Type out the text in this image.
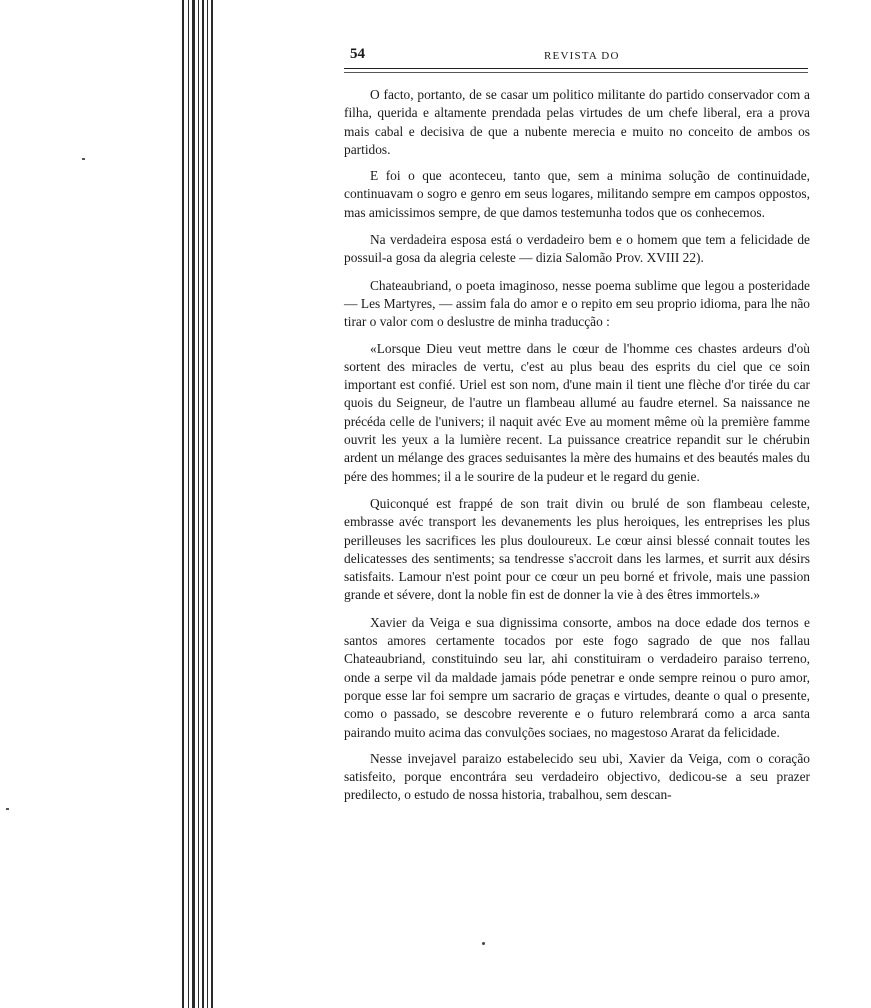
54	REVISTA DO

O facto, portanto, de se casar um politico militante do partido conservador com a filha, querida e altamente prendada pelas virtudes de um chefe liberal, era a prova mais cabal e decisiva de que a nubente merecia e muito no conceito de ambos os partidos.

E foi o que aconteceu, tanto que, sem a minima solução de continuidade, continuavam o sogro e genro em seus logares, militando sempre em campos oppostos, mas amicissimos sempre, de que damos testemunha todos que os conhecemos.

Na verdadeira esposa está o verdadeiro bem e o homem que tem a felicidade de possuil-a gosa da alegria celeste — dizia Salomão Prov. XVIII 22).

Chateaubriand, o poeta imaginoso, nesse poema sublime que legou a posteridade — Les Martyres, — assim fala do amor e o repito em seu proprio idioma, para lhe não tirar o valor com o deslustre de minha traducção :

«Lorsque Dieu veut mettre dans le cœur de l'homme ces chastes ardeurs d'où sortent des miracles de vertu, c'est au plus beau des esprits du ciel que ce soin important est confié. Uriel est son nom, d'une main il tient une flèche d'or tirée du car quois du Seigneur, de l'autre un flambeau allumé au faudre eternel. Sa naissance ne précéda celle de l'univers; il naquit avéc Eve au moment même où la première famme ouvrit les yeux a la lumière recent. La puissance creatrice repandit sur le chérubin ardent un mélange des graces seduisantes la mère des humains et des beautés males du pére des hommes; il a le sourire de la pudeur et le regard du genie.

Quiconqué est frappé de son trait divin ou brulé de son flambeau celeste, embrasse avéc transport les devanements les plus heroiques, les entreprises les plus perilleuses les sacrifices les plus douloureux. Le cœur ainsi blessé connait toutes les delicatesses des sentiments; sa tendresse s'accroit dans les larmes, et surrit aux désirs satisfaits. Lamour n'est point pour ce cœur un peu borné et frivole, mais une passion grande et sévere, dont la noble fin est de donner la vie à des êtres immortels.»

Xavier da Veiga e sua dignissima consorte, ambos na doce edade dos ternos e santos amores certamente tocados por este fogo sagrado de que nos fallau Chateaubriand, constituindo seu lar, ahi constituiram o verdadeiro paraiso terreno, onde a serpe vil da maldade jamais póde penetrar e onde sempre reinou o puro amor, porque esse lar foi sempre um sacrario de graças e virtudes, deante o qual o presente, como o passado, se descobre reverente e o futuro relembrará como a arca santa pairando muito acima das convulções sociaes, no magestoso Ararat da felicidade.

Nesse invejavel paraizo estabelecido seu ubi, Xavier da Veiga, com o coração satisfeito, porque encontrára seu verdadeiro objectivo, dedicou-se a seu prazer predilecto, o estudo de nossa historia, trabalhou, sem descan-
